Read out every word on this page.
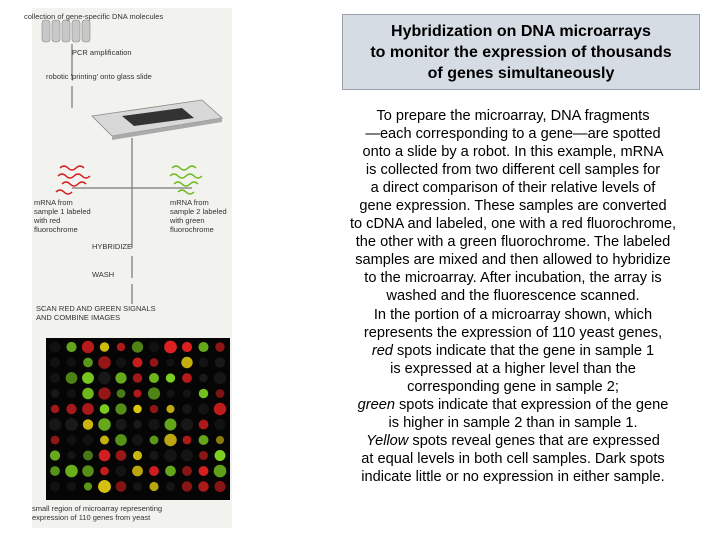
collection of gene-specific DNA molecules
PCR amplification
robotic 'printing' onto glass slide
mRNA from
sample 1 labeled
with red
fluorochrome
mRNA from
sample 2 labeled
with green
fluorochrome
HYBRIDIZE
WASH
SCAN RED AND GREEN SIGNALS
AND COMBINE IMAGES
small region of microarray representing
expression of 110 genes from yeast
Hybridization on DNA microarrays
to monitor the expression of thousands
of genes simultaneously
To prepare the microarray, DNA fragments
—each corresponding to a gene—are spotted
onto a slide by a robot. In this example, mRNA
is collected from two different cell samples for
a direct comparison of their relative levels of
gene expression. These samples are converted
to cDNA and labeled, one with a red fluorochrome,
the other with a green fluorochrome. The labeled
samples are mixed and then allowed to hybridize
to the microarray. After incubation, the array is
washed and the fluorescence scanned.
In the portion of a microarray shown, which
represents the expression of 110 yeast genes,
red spots indicate that the gene in sample 1
is expressed at a higher level than the
corresponding gene in sample 2;
green spots indicate that expression of the gene
is higher in sample 2 than in sample 1.
Yellow spots reveal genes that are expressed
at equal levels in both cell samples. Dark spots
indicate little or no expression in either sample.
